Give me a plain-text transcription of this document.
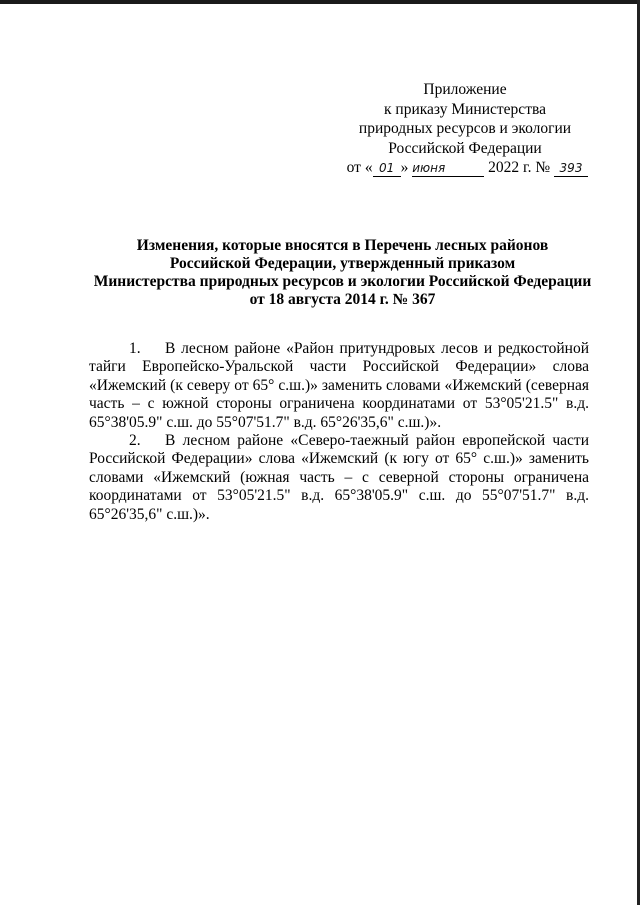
Приложение
к приказу Министерства
природных ресурсов и экологии
Российской Федерации
от « 01 » июня	2022 г. № 393
Изменения, которые вносятся в Перечень лесных районов
Российской Федерации, утвержденный приказом
Министерства природных ресурсов и экологии Российской Федерации
от 18 августа 2014 г. № 367

1. В лесном районе «Район притундровых лесов и редкостойной тайги Европейско-Уральской части Российской Федерации» слова «Ижемский (к северу от 65° с.ш.)» заменить словами «Ижемский (северная часть – с южной стороны ограничена координатами от 53°05'21.5" в.д. 65°38'05.9" с.ш. до 55°07'51.7" в.д. 65°26'35,6" с.ш.)».

2. В лесном районе «Северо-таежный район европейской части Российской Федерации» слова «Ижемский (к югу от 65° с.ш.)» заменить словами «Ижемский (южная часть – с северной стороны ограничена координатами от 53°05'21.5" в.д. 65°38'05.9" с.ш. до 55°07'51.7" в.д. 65°26'35,6" с.ш.)».
